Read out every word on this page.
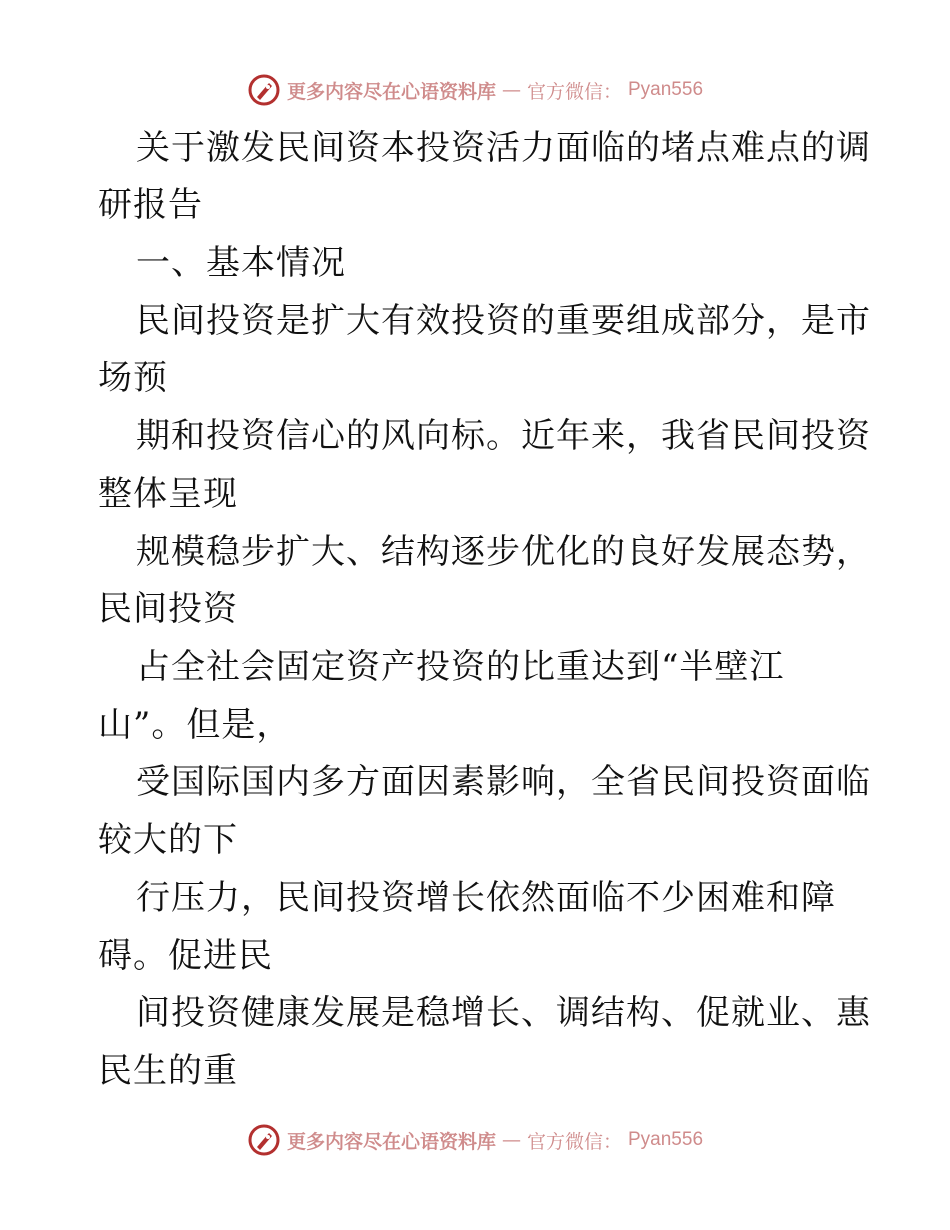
更多内容尽在心语资料库 — 官方微信： Pyan556
关于激发民间资本投资活力面临的堵点难点的调
研报告
一、基本情况
民间投资是扩大有效投资的重要组成部分，是市
场预
期和投资信心的风向标。近年来，我省民间投资
整体呈现
规模稳步扩大、结构逐步优化的良好发展态势，
民间投资
占全社会固定资产投资的比重达到“半壁江
山”。但是，
受国际国内多方面因素影响，全省民间投资面临
较大的下
行压力，民间投资增长依然面临不少困难和障
碍。促进民
间投资健康发展是稳增长、调结构、促就业、惠
民生的重
更多内容尽在心语资料库 — 官方微信： Pyan556
